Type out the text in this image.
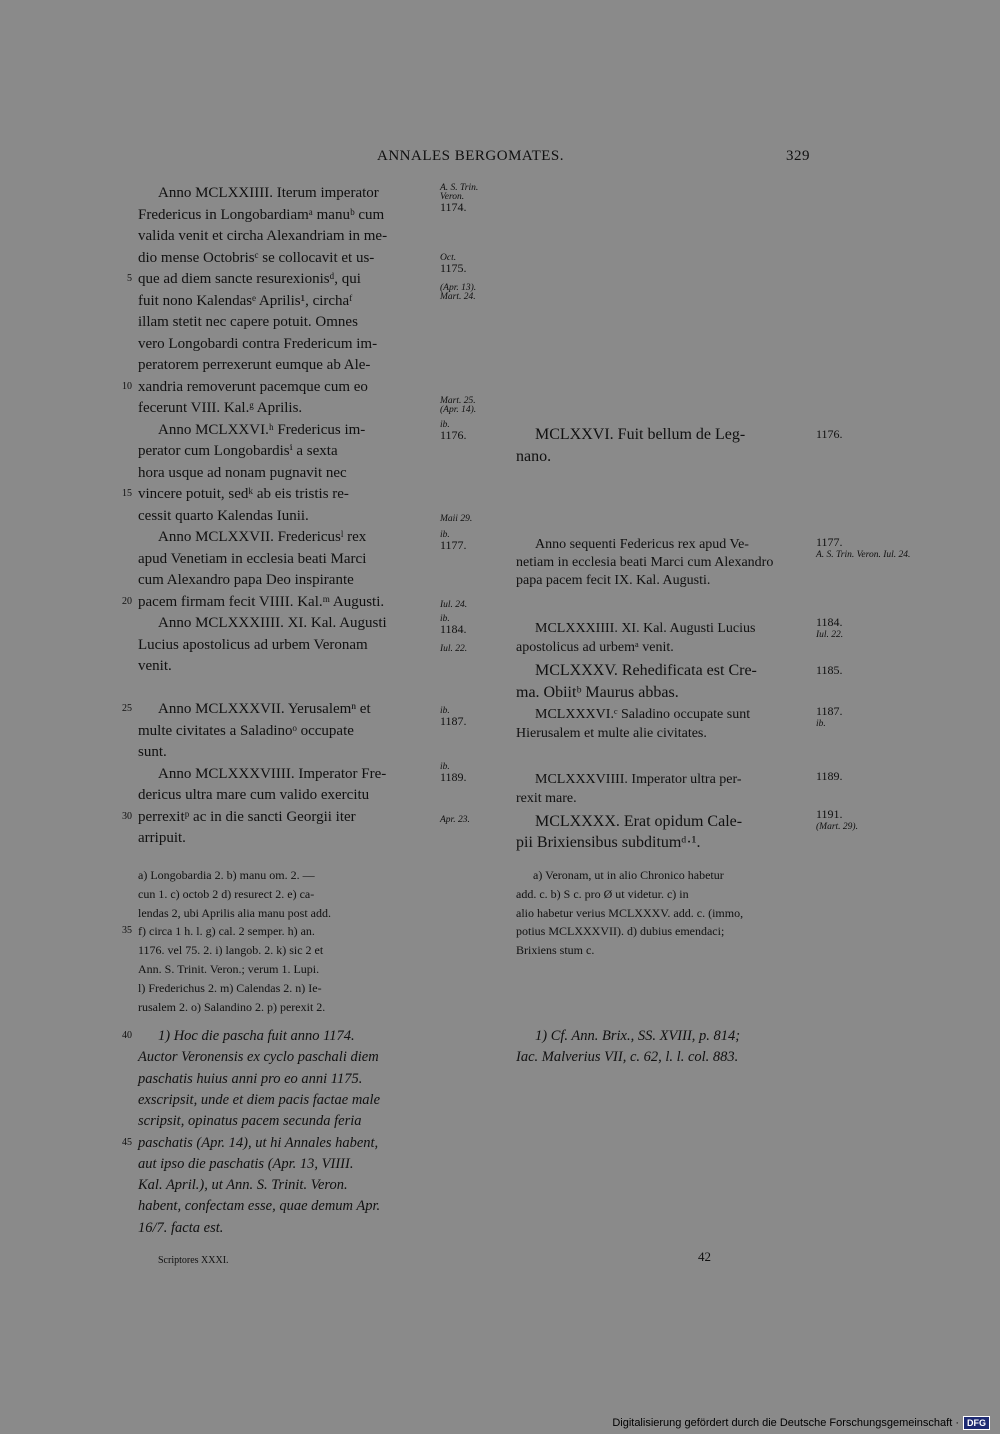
ANNALES BERGOMATES.	329
Anno MCLXXIIII. Iterum imperator
Fredericus in Longobardiamᵃ manuᵇ cum
valida venit et circha Alexandriam in me-
dio mense Octobrisᶜ se collocavit et us-
5 que ad diem sancte resurexionisᵈ, qui
fuit nono Kalendasᵉ Aprilis¹, circhaᶠ
illam stetit nec capere potuit. Omnes
vero Longobardi contra Fredericum im-
peratorem perrexerunt eumque ab Ale-
10 xandria removerunt pacemque cum eo
fecerunt VIII. Kal.ᵍ Aprilis.
Anno MCLXXVI.ʰ Fredericus im-
perator cum Longobardisⁱ a sexta
hora usque ad nonam pugnavit nec
15 vincere potuit, sedᵏ ab eis tristis re-
cessit quarto Kalendas Iunii.
Anno MCLXXVII. Fredericusˡ rex
apud Venetiam in ecclesia beati Marci
cum Alexandro papa Deo inspirante
20 pacem firmam fecit VIIII. Kal.ᵐ Augusti.
Anno MCLXXXIIII. XI. Kal. Augusti
Lucius apostolicus ad urbem Veronam
venit.
25 Anno MCLXXXVII. Yerusalemⁿ et
multe civitates a Saladinoᵒ occupate
sunt.
Anno MCLXXXVIIII. Imperator Fre-
dericus ultra mare cum valido exercitu
30 perrexitᵖ ac in die sancti Georgii iter
arripuit.
A. S. Trin.
Veron.
1174.
Oct.
1175.
(Apr. 13).
Mart. 24.
Mart. 25.
(Apr. 14).
ib.
1176.
Maii 29.
ib.
1177.
Iul. 24.
ib.
1184.
Iul. 22.
ib.
1187.
ib.
1189.
Apr. 23.
MCLXXVI. Fuit bellum de Leg-
nano.
Anno sequenti Federicus rex apud Ve-
netiam in ecclesia beati Marci cum Alexandro
papa pacem fecit IX. Kal. Augusti.
MCLXXXIIII. XI. Kal. Augusti Lucius
apostolicus ad urbemᵃ venit.
MCLXXXV. Rehedificata est Cre-
ma. Obiitᵇ Maurus abbas.
MCLXXXVI.ᶜ Saladino occupate sunt
Hierusalem et multe alie civitates.
MCLXXXVIIII. Imperator ultra per-
rexit mare.
MCLXXXX. Erat opidum Cale-
pii Brixiensibus subditumᵈ·¹.
1176.
1177.
A. S. Trin. Veron. Iul. 24.
1184.
Iul. 22.
1185.
1187.
ib.
1189.
1191.
(Mart. 29).
a) Longobardia 2. b) manu om. 2. —
cun 1. c) octob 2 d) resurect 2. e) ca-
lendas 2, ubi Aprilis alia manu post add.
35 f) circa 1 h. l. g) cal. 2 semper. h) an.
1176. vel 75. 2. i) langob. 2. k) sic 2 et
Ann. S. Trinit. Veron.; verum 1. Lupi.
l) Frederichus 2. m) Calendas 2. n) Ie-
rusalem 2. o) Salandino 2. p) perexit 2.
a) Veronam, ut in alio Chronico habetur
add. c. b) S c. pro Ø ut videtur. c) in
alio habetur verius MCLXXXV. add. c. (immo,
potius MCLXXXVII). d) dubius emendaci;
Brixiens stum c.
40 1) Hoc die pascha fuit anno 1174.
Auctor Veronensis ex cyclo paschali diem
paschatis huius anni pro eo anni 1175.
exscripsit, unde et diem pacis factae male
scripsit, opinatus pacem secunda feria
45 paschatis (Apr. 14), ut hi Annales habent,
aut ipso die paschatis (Apr. 13, VIIII.
Kal. April.), ut Ann. S. Trinit. Veron.
habent, confectam esse, quae demum Apr.
16/7. facta est.
1) Cf. Ann. Brix., SS. XVIII, p. 814;
Iac. Malverius VII, c. 62, l. l. col. 883.
Scriptores XXXI.	42
Digitalisierung gefördert durch die Deutsche Forschungsgemeinschaft · DFG
